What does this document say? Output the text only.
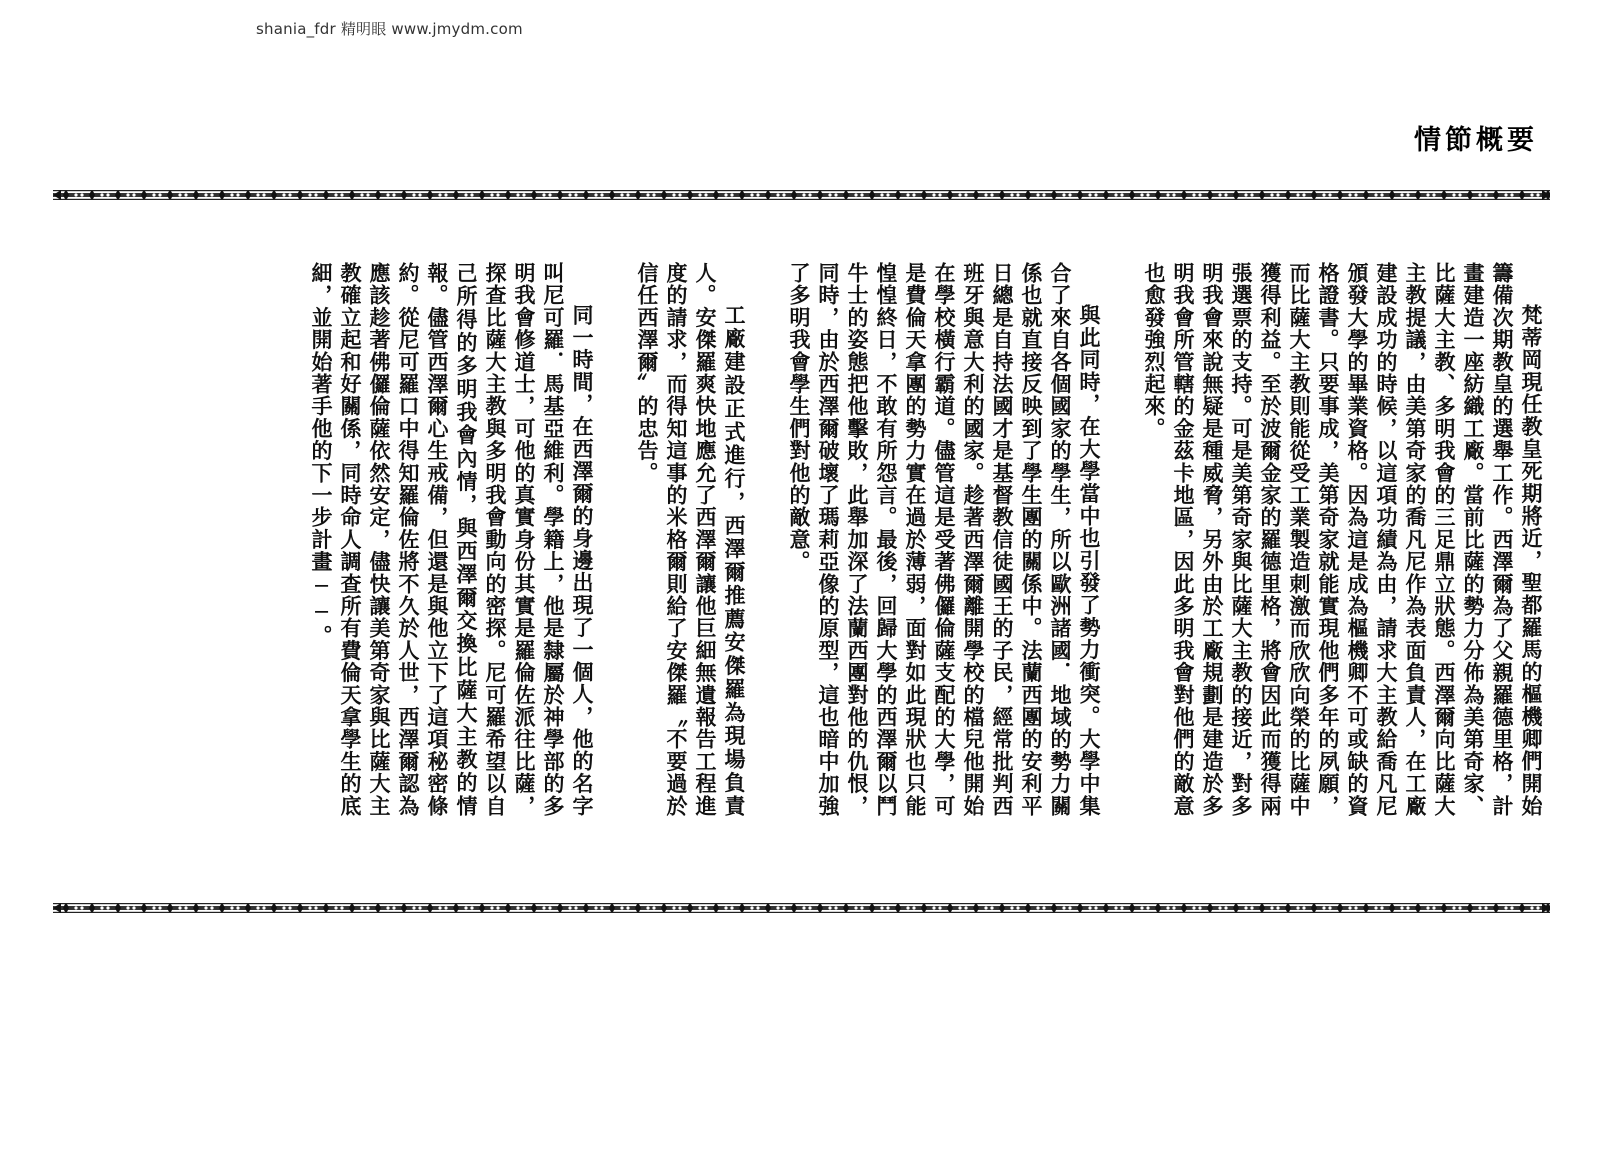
shania_fdr 精明眼 www.jmydm.com
情節概要

梵蒂岡現任教皇死期將近，聖都羅馬的樞機卿們開始籌備次期教皇的選舉工作。西澤爾為了父親羅德里格，計畫建造一座紡織工廠。當前比薩的勢力分佈為美第奇家、比薩大主教、多明我會的三足鼎立狀態。西澤爾向比薩大主教提議，由美第奇家的喬凡尼作為表面負責人，在工廠建設成功的時候，以這項功績為由，請求大主教給喬凡尼頒發大學的畢業資格。因為這是成為樞機卿不可或缺的資格證書。只要事成，美第奇家就能實現他們多年的夙願，而比薩大主教則能從受工業製造刺激而欣欣向榮的比薩中獲得利益。至於波爾金家的羅德里格，將會因此而獲得兩張選票的支持。可是美第奇家與比薩大主教的接近，對多明我會來說無疑是種威脅，另外由於工廠規劃是建造於多明我會所管轄的金茲卡地區，因此多明我會對他們的敵意也愈發強烈起來。

與此同時，在大學當中也引發了勢力衝突。大學中集合了來自各個國家的學生，所以歐洲諸國．地域的勢力關係也就直接反映到了學生團的關係中。法蘭西團的安利平日總是自持法國才是基督教信徒國王的子民，經常批判西班牙與意大利的國家。趁著西澤爾離開學校的檔兒他開始在學校橫行霸道。儘管這是受著佛儸倫薩支配的大學，可是費倫天拿團的勢力實在過於薄弱，面對如此現狀也只能惶惶終日，不敢有所怨言。最後，回歸大學的西澤爾以鬥牛士的姿態把他擊敗，此舉加深了法蘭西團對他的仇恨，同時，由於西澤爾破壞了瑪莉亞像的原型，這也暗中加強了多明我會學生們對他的敵意。

工廠建設正式進行，西澤爾推薦安傑羅為現場負責人。安傑羅爽快地應允了西澤爾讓他巨細無遺報告工程進度的請求，而得知這事的米格爾則給了安傑羅〝不要過於信任西澤爾〞的忠告。

同一時間，在西澤爾的身邊出現了一個人，他的名字叫尼可羅．馬基亞維利。學籍上，他是隸屬於神學部的多明我會修道士，可他的真實身份其實是羅倫佐派往比薩，探查比薩大主教與多明我會動向的密探。尼可羅希望以自己所得的多明我會內情，與西澤爾交換比薩大主教的情報。儘管西澤爾心生戒備，但還是與他立下了這項秘密條約。從尼可羅口中得知羅倫佐將不久於人世，西澤爾認為應該趁著佛儸倫薩依然安定，儘快讓美第奇家與比薩大主教確立起和好關係，同時命人調查所有費倫天拿學生的底細，並開始著手他的下一步計畫──。
